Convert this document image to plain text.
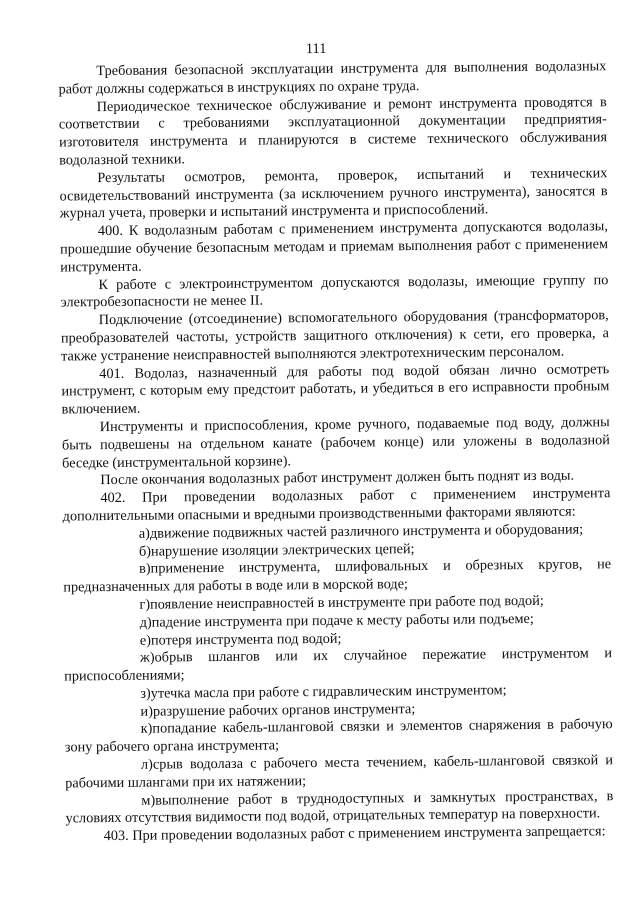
111

Требования безопасной эксплуатации инструмента для выполнения водолазных работ должны содержаться в инструкциях по охране труда.

Периодическое техническое обслуживание и ремонт инструмента проводятся в соответствии с требованиями эксплуатационной документации предприятия-изготовителя инструмента и планируются в системе технического обслуживания водолазной техники.

Результаты осмотров, ремонта, проверок, испытаний и технических освидетельствований инструмента (за исключением ручного инструмента), заносятся в журнал учета, проверки и испытаний инструмента и приспособлений.

400. К водолазным работам с применением инструмента допускаются водолазы, прошедшие обучение безопасным методам и приемам выполнения работ с применением инструмента.

К работе с электроинструментом допускаются водолазы, имеющие группу по электробезопасности не менее II.

Подключение (отсоединение) вспомогательного оборудования (трансформаторов, преобразователей частоты, устройств защитного отключения) к сети, его проверка, а также устранение неисправностей выполняются электротехническим персоналом.

401. Водолаз, назначенный для работы под водой обязан лично осмотреть инструмент, с которым ему предстоит работать, и убедиться в его исправности пробным включением.

Инструменты и приспособления, кроме ручного, подаваемые под воду, должны быть подвешены на отдельном канате (рабочем конце) или уложены в водолазной беседке (инструментальной корзине).

После окончания водолазных работ инструмент должен быть поднят из воды.

402. При проведении водолазных работ с применением инструмента дополнительными опасными и вредными производственными факторами являются:

а)движение подвижных частей различного инструмента и оборудования;

б)нарушение изоляции электрических цепей;

в)применение инструмента, шлифовальных и обрезных кругов, не предназначенных для работы в воде или в морской воде;

г)появление неисправностей в инструменте при работе под водой;

д)падение инструмента при подаче к месту работы или подъеме;

е)потеря инструмента под водой;

ж)обрыв шлангов или их случайное пережатие инструментом и приспособлениями;

з)утечка масла при работе с гидравлическим инструментом;

и)разрушение рабочих органов инструмента;

к)попадание кабель-шланговой связки и элементов снаряжения в рабочую зону рабочего органа инструмента;

л)срыв водолаза с рабочего места течением, кабель-шланговой связкой и рабочими шлангами при их натяжении;

м)выполнение работ в труднодоступных и замкнутых пространствах, в условиях отсутствия видимости под водой, отрицательных температур на поверхности.

403. При проведении водолазных работ с применением инструмента запрещается:
